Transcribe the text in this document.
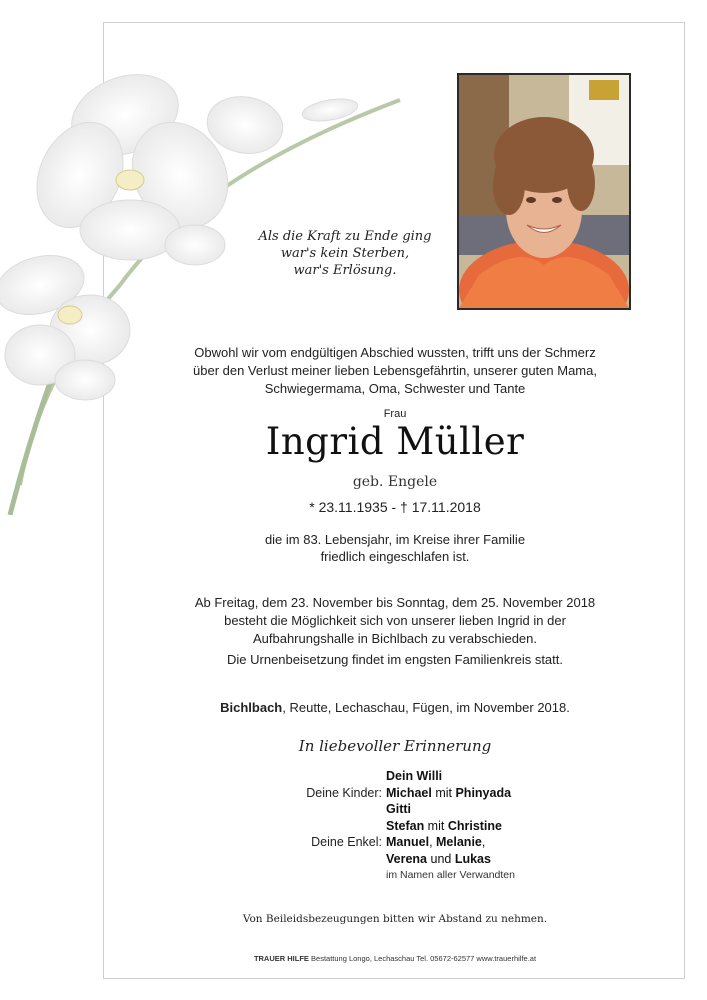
Als die Kraft zu Ende ging
war's kein Sterben,
war's Erlösung.
Obwohl wir vom endgültigen Abschied wussten, trifft uns der Schmerz
über den Verlust meiner lieben Lebensgefährtin, unserer guten Mama,
Schwiegermama, Oma, Schwester und Tante
Frau
Ingrid Müller
geb. Engele
* 23.11.1935 - † 17.11.2018
die im 83. Lebensjahr, im Kreise ihrer Familie
friedlich eingeschlafen ist.
Ab Freitag, dem 23. November bis Sonntag, dem 25. November 2018
besteht die Möglichkeit sich von unserer lieben Ingrid in der
Aufbahrungshalle in Bichlbach zu verabschieden.
Die Urnenbeisetzung findet im engsten Familienkreis statt.
Bichlbach, Reutte, Lechaschau, Fügen, im November 2018.
In liebevoller Erinnerung
Dein Willi
Deine Kinder: Michael mit Phinyada
Gitti
Stefan mit Christine
Deine Enkel: Manuel, Melanie,
Verena und Lukas
im Namen aller Verwandten
Von Beileidsbezeugungen bitten wir Abstand zu nehmen.
TRAUER HILFE Bestattung Longo, Lechaschau Tel. 05672-62577 www.trauerhilfe.at
